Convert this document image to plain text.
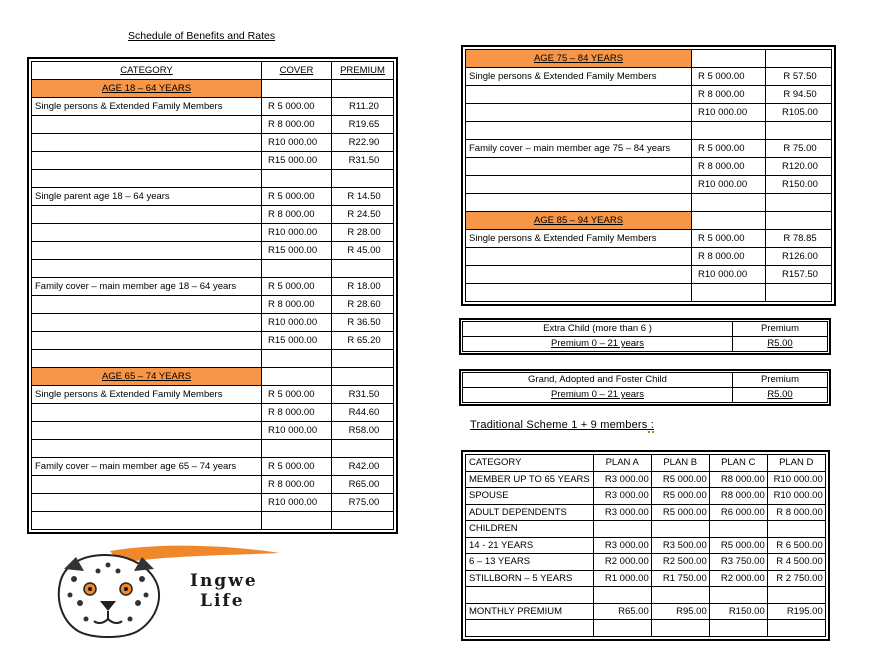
Schedule of Benefits and Rates
CATEGORY	COVER	PREMIUM
AGE 18 – 64 YEARS		
Single persons & Extended Family Members	R 5 000.00	R11.20
	R 8 000.00	R19.65
	R10 000.00	R22.90
	R15 000.00	R31.50

Single parent age 18 – 64 years	R 5 000.00	R 14.50
	R 8 000.00	R 24.50
	R10 000.00	R 28.00
	R15 000.00	R 45.00

Family cover – main member age 18 – 64 years	R 5 000.00	R 18.00
	R 8 000.00	R 28.60
	R10 000.00	R 36.50
	R15 000.00	R 65.20

AGE 65 – 74 YEARS		
Single persons & Extended Family Members	R 5 000.00	R31.50
	R 8 000.00	R44.60
	R10 000.00	R58.00

Family cover – main member age 65 – 74 years	R 5 000.00	R42.00
	R 8 000.00	R65.00
	R10 000.00	R75.00

AGE 75 – 84 YEARS		
Single persons & Extended Family Members	R 5 000.00	R 57.50
	R 8 000.00	R 94.50
	R10 000.00	R105.00

Family cover – main member age 75 – 84 years	R 5 000.00	R 75.00
	R 8 000.00	R120.00
	R10 000.00	R150.00

AGE 85 – 94 YEARS		
Single persons & Extended Family Members	R 5 000.00	R 78.85
	R 8 000.00	R126.00
	R10 000.00	R157.50

Extra Child (more than 6 )	Premium
Premium 0 – 21 years	R5.00
Grand, Adopted and Foster Child	Premium
Premium 0 – 21 years	R5.00
Traditional Scheme 1 + 9 members :
CATEGORY	PLAN A	PLAN B	PLAN C	PLAN D
MEMBER UP TO 65 YEARS	R3 000.00	R5 000.00	R8 000.00	R10 000.00
SPOUSE	R3 000.00	R5 000.00	R8 000.00	R10 000.00
ADULT DEPENDENTS	R3 000.00	R5 000.00	R6 000.00	R 8 000.00
CHILDREN				
14 - 21 YEARS	R3 000.00	R3 500.00	R5 000.00	R 6 500.00
6 – 13 YEARS	R2 000.00	R2 500.00	R3 750.00	R 4 500.00
STILLBORN – 5 YEARS	R1 000.00	R1 750.00	R2 000.00	R 2 750.00

MONTHLY PREMIUM	R65.00	R95.00	R150.00	R195.00

Ingwe
Life
